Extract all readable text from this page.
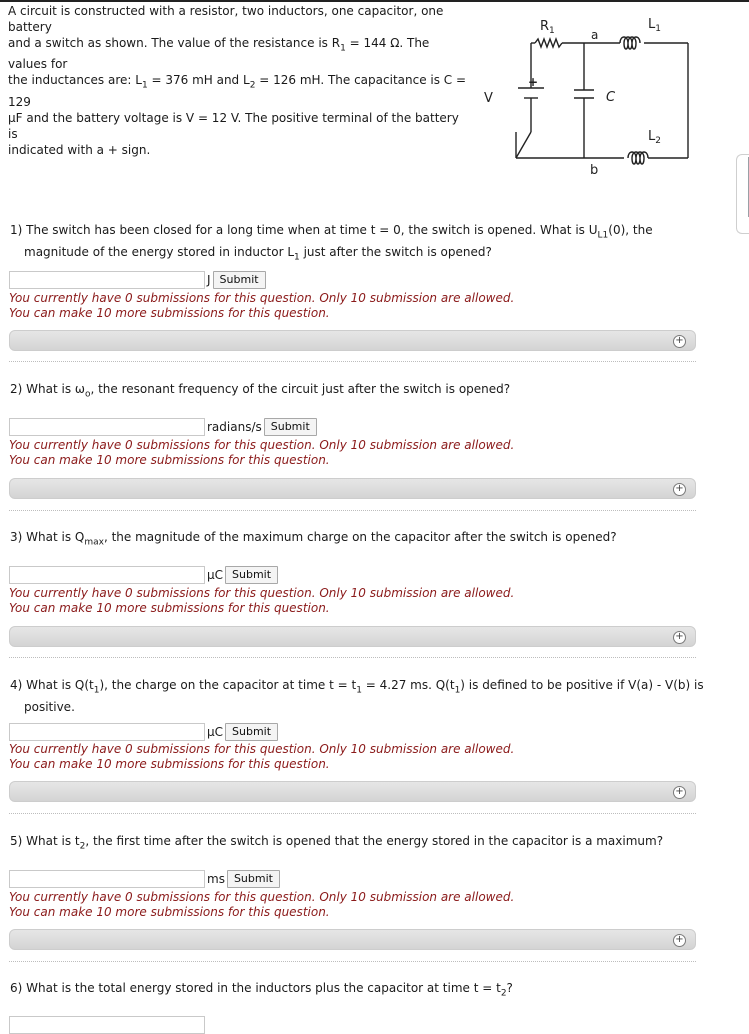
A circuit is constructed with a resistor, two inductors, one capacitor, one battery
and a switch as shown. The value of the resistance is $R_1 = 144$ Ω. The values for
the inductances are: $L_1 = 376$ mH and $L_2 = 126$ mH. The capacitance is C = 129
μF and the battery voltage is V = 12 V. The positive terminal of the battery is
indicated with a + sign.
$R_1$	a
$L_1$
$L_2$
b
C
V
+
1) The switch has been closed for a long time when at time t = 0, the switch is opened. What is $U_{L1}(0)$, the magnitude of the energy stored in inductor $L_1$ just after the switch is opened?
J Submit
You currently have 0 submissions for this question. Only 10 submission are allowed.
You can make 10 more submissions for this question.
+
2) What is $\omega_o$, the resonant frequency of the circuit just after the switch is opened?
radians/s Submit
You currently have 0 submissions for this question. Only 10 submission are allowed.
You can make 10 more submissions for this question.
+
3) What is $Q_{max}$, the magnitude of the maximum charge on the capacitor after the switch is opened?
μC Submit
You currently have 0 submissions for this question. Only 10 submission are allowed.
You can make 10 more submissions for this question.
+
4) What is $Q(t_1)$, the charge on the capacitor at time $t = t_1 = 4.27$ ms. $Q(t_1)$ is defined to be positive if V(a) - V(b) is positive.
μC Submit
You currently have 0 submissions for this question. Only 10 submission are allowed.
You can make 10 more submissions for this question.
+
5) What is $t_2$, the first time after the switch is opened that the energy stored in the capacitor is a maximum?
ms Submit
You currently have 0 submissions for this question. Only 10 submission are allowed.
You can make 10 more submissions for this question.
+
6) What is the total energy stored in the inductors plus the capacitor at time $t = t_2$?
